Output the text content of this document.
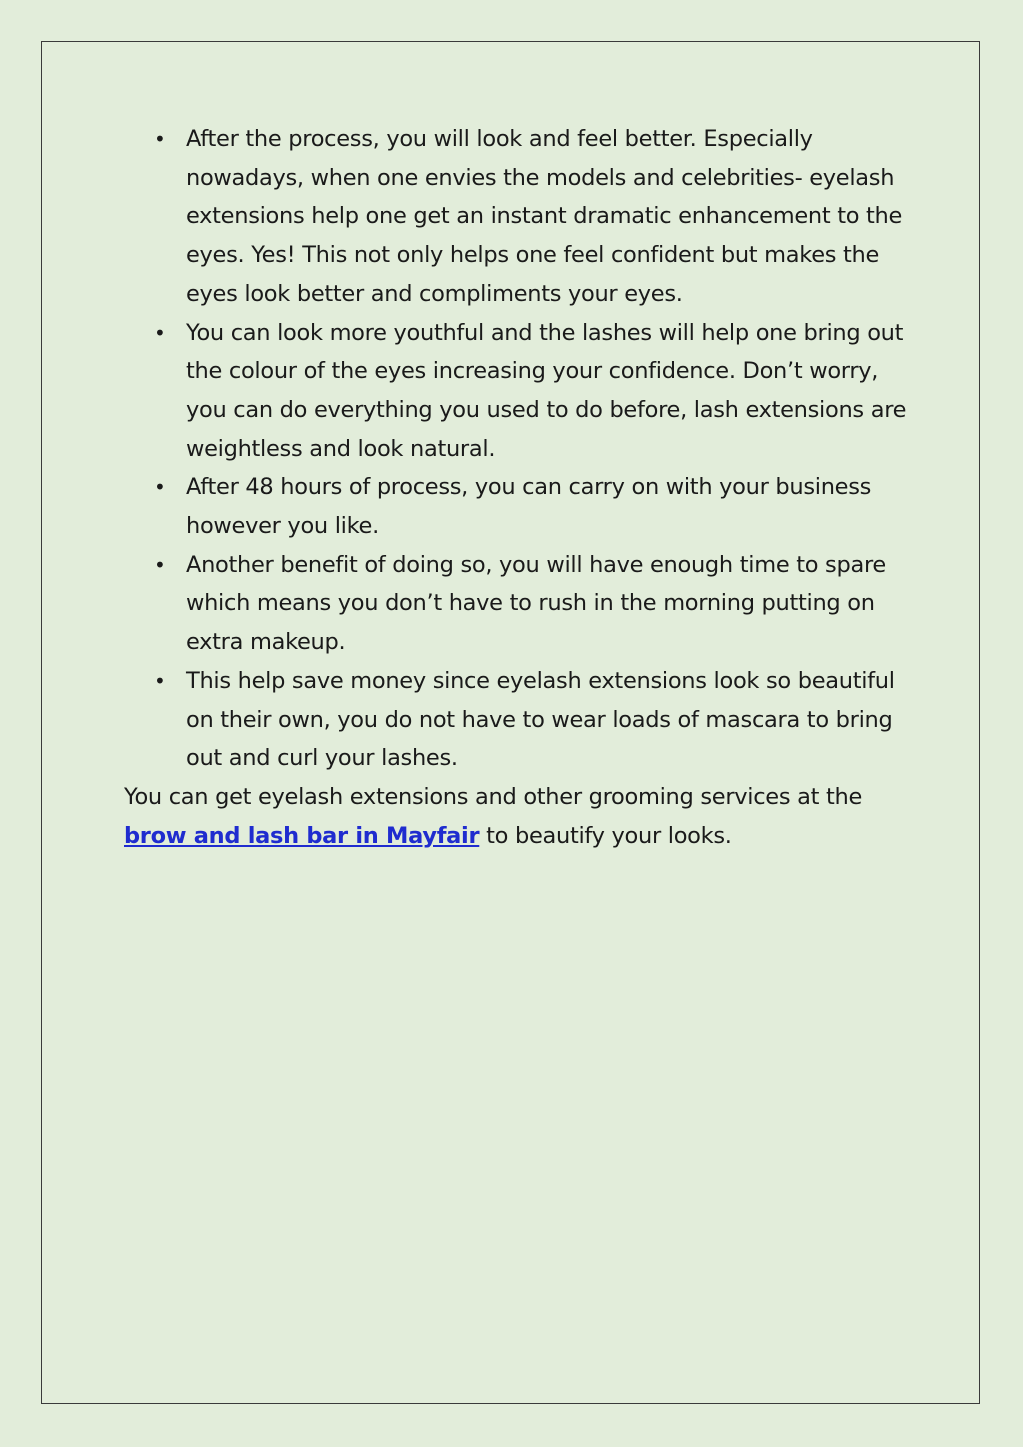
• After the process, you will look and feel better. Especially nowadays, when one envies the models and celebrities- eyelash extensions help one get an instant dramatic enhancement to the eyes. Yes! This not only helps one feel confident but makes the eyes look better and compliments your eyes.
• You can look more youthful and the lashes will help one bring out the colour of the eyes increasing your confidence. Don’t worry, you can do everything you used to do before, lash extensions are weightless and look natural.
• After 48 hours of process, you can carry on with your business however you like.
• Another benefit of doing so, you will have enough time to spare which means you don’t have to rush in the morning putting on extra makeup.
• This help save money since eyelash extensions look so beautiful on their own, you do not have to wear loads of mascara to bring out and curl your lashes.

You can get eyelash extensions and other grooming services at the brow and lash bar in Mayfair to beautify your looks.
